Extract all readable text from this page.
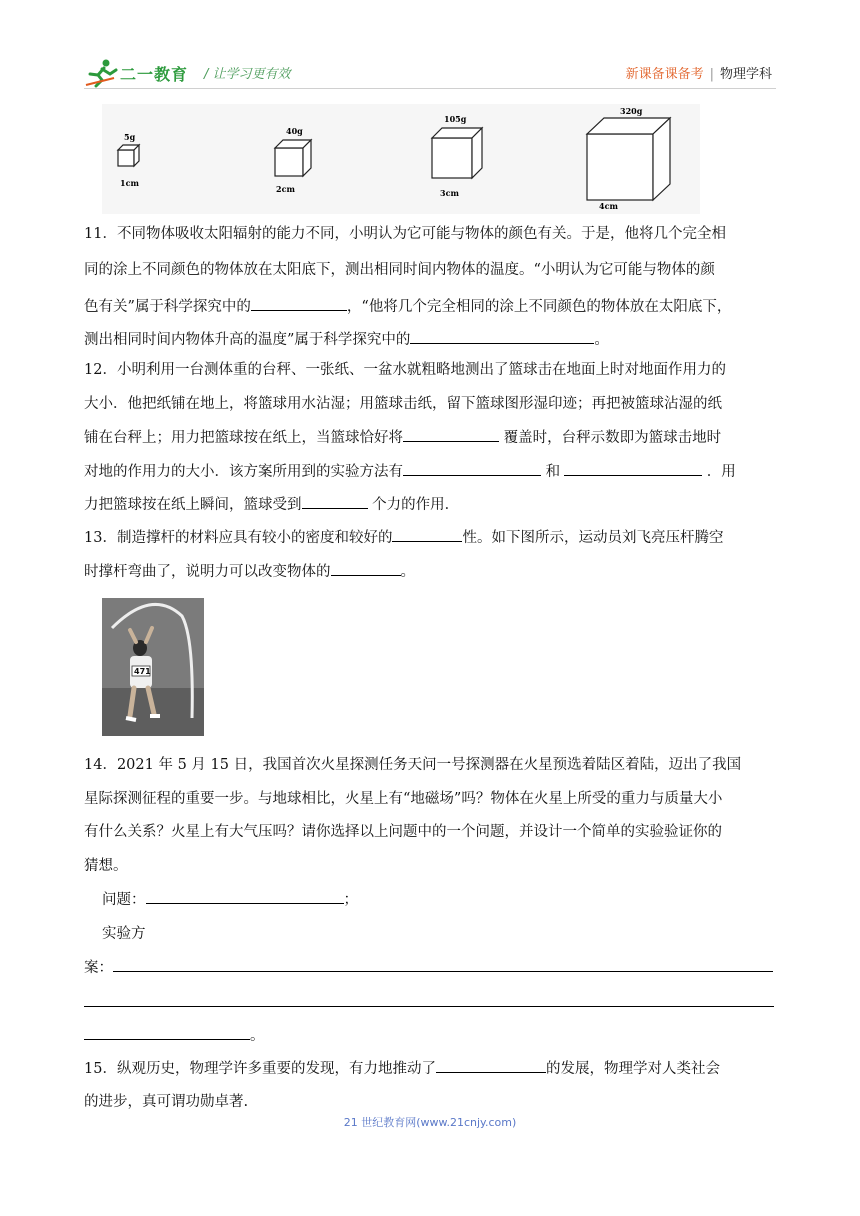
二一教育 / 让学习更有效	新课备课备考 | 物理学科
5g
1cm
40g
2cm
105g
3cm
320g
4cm
11．不同物体吸收太阳辐射的能力不同，小明认为它可能与物体的颜色有关。于是，他将几个完全相
同的涂上不同颜色的物体放在太阳底下，测出相同时间内物体的温度。“小明认为它可能与物体的颜
色有关”属于科学探究中的	，“他将几个完全相同的涂上不同颜色的物体放在太阳底下，
测出相同时间内物体升高的温度”属于科学探究中的	。
12．小明利用一台测体重的台秤、一张纸、一盆水就粗略地测出了篮球击在地面上时对地面作用力的
大小．他把纸铺在地上，将篮球用水沾湿；用篮球击纸，留下篮球图形湿印迹；再把被篮球沾湿的纸
铺在台秤上；用力把篮球按在纸上，当篮球恰好将	覆盖时，台秤示数即为篮球击地时
对地的作用力的大小．该方案所用到的实验方法有	和	．用
力把篮球按在纸上瞬间，篮球受到	个力的作用．
13．制造撑杆的材料应具有较小的密度和较好的	性。如下图所示，运动员刘飞亮压杆腾空
时撑杆弯曲了，说明力可以改变物体的	。
471
14．2021 年 5 月 15 日，我国首次火星探测任务天问一号探测器在火星预选着陆区着陆，迈出了我国
星际探测征程的重要一步。与地球相比，火星上有“地磁场”吗？物体在火星上所受的重力与质量大小
有什么关系？火星上有大气压吗？请你选择以上问题中的一个问题，并设计一个简单的实验验证你的
猜想。
问题：	；
实验方
案：
。
15．纵观历史，物理学许多重要的发现，有力地推动了	的发展，物理学对人类社会
的进步，真可谓功勋卓著.
21 世纪教育网(www.21cnjy.com)
